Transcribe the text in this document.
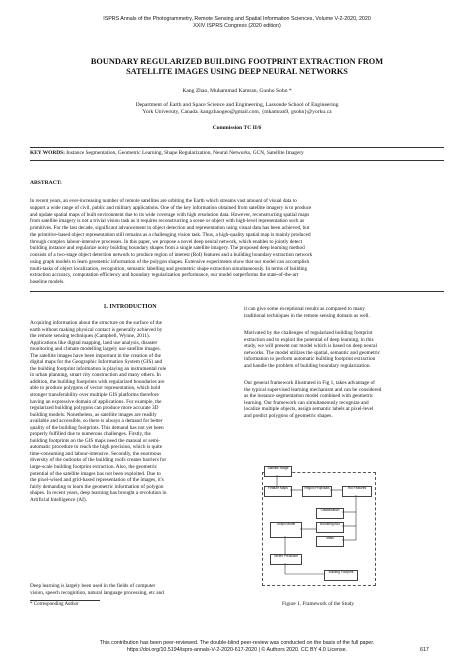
ISPRS Annals of the Photogrammetry, Remote Sensing and Spatial Information Sciences, Volume V-2-2020, 2020
XXIV ISPRS Congress (2020 edition)
BOUNDARY REGULARIZED BUILDING FOOTPRINT EXTRACTION FROM
SATELLITE IMAGES USING DEEP NEURAL NETWORKS
Kang Zhao, Muhammad Kamran, Gunho Sohn *
Department of Earth and Space Science and Engineering, Lassonde School of Engineering
York University, Canada. kangzhaogeo@gmail.com, {mkamran9, gsohn}@yorku.ca
Commission TC II/6
KEY WORDS: Instance Segmentation, Geometric Learning, Shape Regularization, Neural Networks, GCN, Satellite Imagery
ABSTRACT:
In recent years, an ever-increasing number of remote satellites are orbiting the Earth which streams vast amount of visual data to
support a wide range of civil, public and military applications. One of the key information obtained from satellite imagery is to produce
and update spatial maps of built environment due to its wide coverage with high resolution data. However, reconstructing spatial maps
from satellite imagery is not a trivial vision task as it requires reconstructing a scene or object with high-level representation such as
primitives. For the last decade, significant advancement in object detection and representation using visual data has been achieved, but
the primitive-based object representation still remains as a challenging vision task. Thus, a high-quality spatial map is mainly produced
through complex labour-intensive processes. In this paper, we propose a novel deep neural network, which enables to jointly detect
building instance and regularize noisy building boundary shapes from a single satellite imagery. The proposed deep learning method
consists of a two-stage object detection network to produce region of interest (RoI) features and a building boundary extraction network
using graph models to learn geometric information of the polygon shapes. Extensive experiments show that our model can accomplish
multi-tasks of object localization, recognition, semantic labelling and geometric shape extraction simultaneously. In terms of building
extraction accuracy, computation efficiency and boundary regularization performance, our model outperforms the state-of-the-art
baseline models.
1. INTRODUCTION
Acquiring information about the structure on the surface of the
earth without making physical contact is generally achieved by
the remote sensing techniques (Campbell, Wynne, 2011).
Applications like digital mapping, land use analysis, disaster
monitoring and climate modelling largely use satellite images.
The satellite images have been important in the creation of the
digital maps for the Geographic Information System (GIS) and
the building footprint information is playing an instrumental role
in urban planning, smart city construction and many others. In
addition, the building footprints with regularized boundaries are
able to produce polygons of vector representation, which hold
stronger transferability over multiple GIS platforms therefore
having an expressive domain of applications. For example, the
regularized building polygons can produce more accurate 3D
building models. Nonetheless, as satellite images are readily
available and accessible, so there is always a demand for better
quality of the building footprints. This demand has not yet been
properly fulfilled due to numerous challenges. Firstly, the
building footprints on the GIS maps need the manual or semi-
automatic procedure to reach the high precision, which is quite
time-consuming and labour-intensive. Secondly, the enormous
diversity of the outlooks of the building roofs creates barriers for
large-scale building footprint extraction. Also, the geometric
potential of the satellite images has not been exploited. Due to
the pixel-wised and grid-based representation of the images, it's
fairly demanding to learn the geometric information of polygon
shapes. In recent years, deep learning has brought a revolution in
Artificial Intelligence (AI).
Deep learning is largely been used in the fields of computer
vision, speech recognition, natural language processing, etc and
* Corresponding Author
it can give some exceptional results as compared to many
traditional techniques in the remote sensing domain as well.
Motivated by the challenges of regularized building footprint
extraction and to exploit the potential of deep learning, in this
study, we will present our model which is based on deep neural
networks. The model utilizes the spatial, semantic and geometric
information to perform automatic building footprint extraction
and handle the problem of building boundary regularization.
Our general framework illustrated in Fig 1, takes advantage of
the typical supervised learning mechanism and can be considered
as the instance segmentation model combined with geometric
learning. Our framework can simultaneously recognize and
localize multiple objects, assign semantic labels at pixel-level
and predict polygons of geometric shapes.
Satellite Image
Feature Maps	Region Proposals	RoI Features
Classification
Bounding Box
Mask
Graph Model
Vertex Prediction
Building Footprint
Figure 1. Framework of the Study
This contribution has been peer-reviewed. The double-blind peer-review was conducted on the basis of the full paper.
https://doi.org/10.5194/isprs-annals-V-2-2020-617-2020 | © Authors 2020. CC BY 4.0 License.	617
